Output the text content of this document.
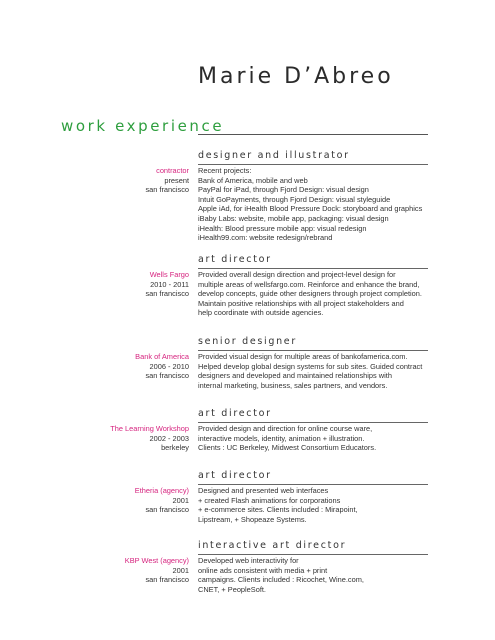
Marie D’Abreo
work experience
designer and illustrator
contractor
present
san francisco
Recent projects:
Bank of America, mobile and web
PayPal for iPad, through Fjord Design: visual design
Intuit GoPayments, through Fjord Design: visual styleguide
Apple iAd, for iHealth Blood Pressure Dock: storyboard and graphics
iBaby Labs: website, mobile app, packaging: visual design
iHealth: Blood pressure mobile app: visual redesign
iHealth99.com: website redesign/rebrand
art director
Wells Fargo
2010 - 2011
san francisco
Provided overall design direction and project-level design for
multiple areas of wellsfargo.com. Reinforce and enhance the brand,
develop concepts, guide other designers through project completion.
Maintain positive relationships with all project stakeholders and
help coordinate with outside agencies.
senior designer
Bank of America
2006 - 2010
san francisco
Provided visual design for multiple areas of bankofamerica.com.
Helped develop global design systems for sub sites. Guided contract
designers and developed and maintained relationships with
internal marketing, business, sales partners, and vendors.
art director
The Learning Workshop
2002 - 2003
berkeley
Provided design and direction for online course ware,
interactive models, identity, animation + illustration.
Clients : UC Berkeley, Midwest Consortium Educators.
art director
Etheria (agency)
2001
san francisco
Designed and presented web interfaces
+ created Flash animations for corporations
+ e-commerce sites. Clients included : Mirapoint,
Lipstream, + Shopeaze Systems.
interactive art director
KBP West (agency)
2001
san francisco
Developed web interactivity for
online ads consistent with media + print
campaigns. Clients included : Ricochet, Wine.com,
CNET, + PeopleSoft.
